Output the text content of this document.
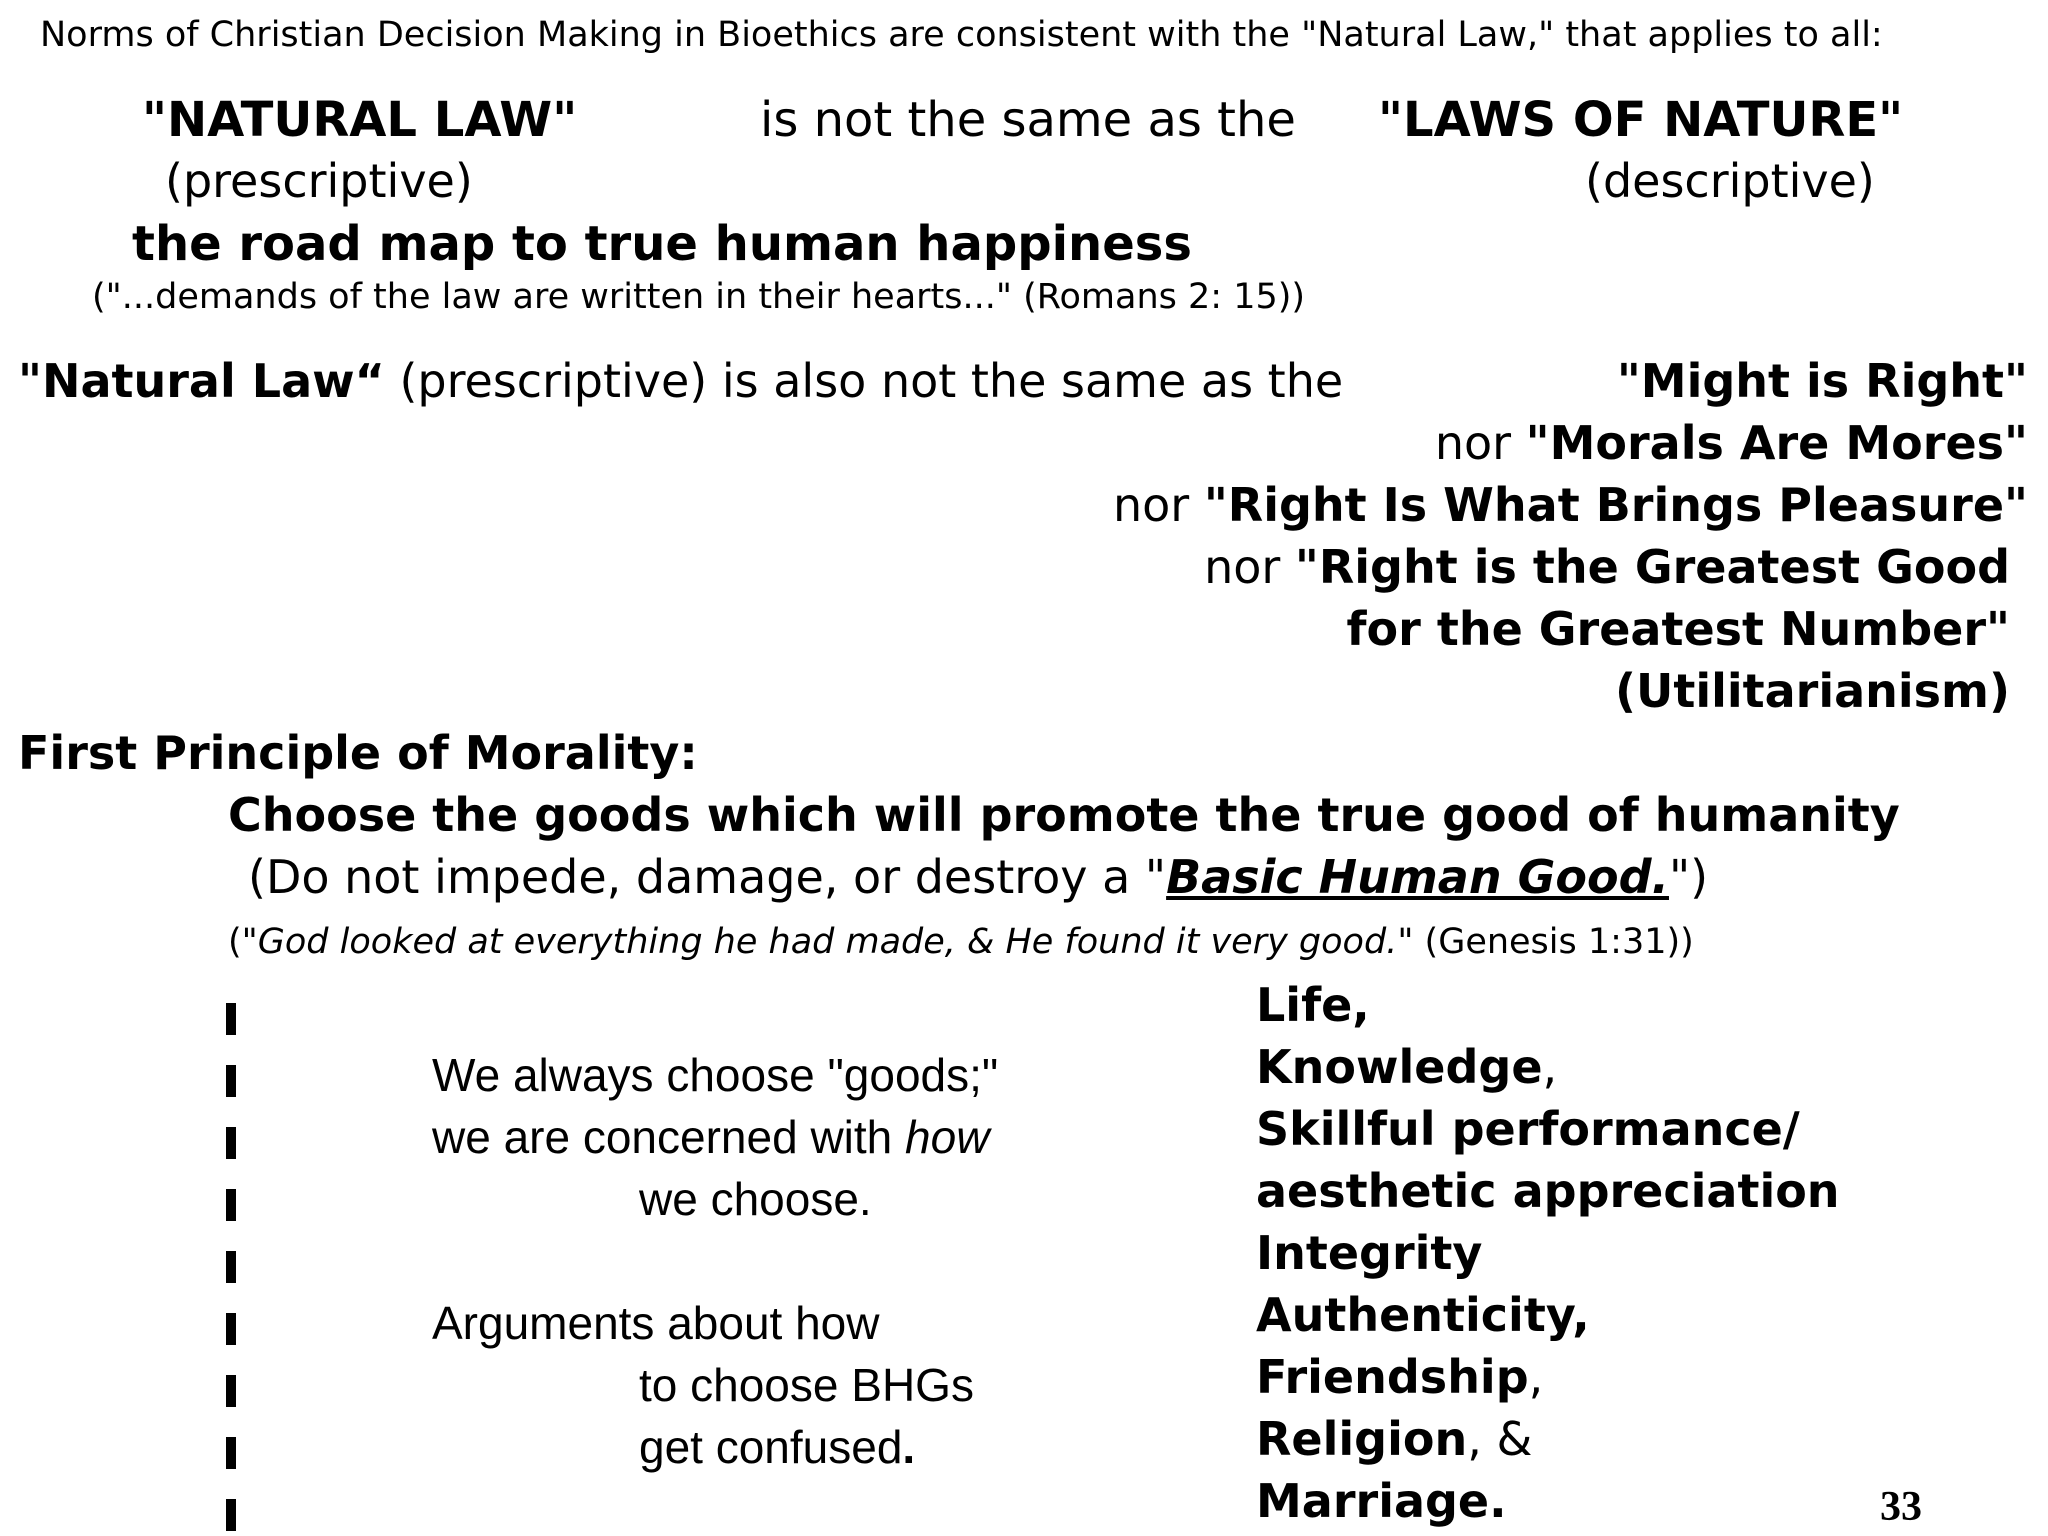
Norms of Christian Decision Making in Bioethics are consistent with the "Natural Law," that applies to all:
"NATURAL LAW"	is not the same as the "LAWS OF NATURE"
(prescriptive)	(descriptive)
the road map to true human happiness
("...demands of the law are written in their hearts..." (Romans 2: 15))
"Natural Law“ (prescriptive) is also not the same as the	"Might is Right"
nor "Morals Are Mores"
nor "Right Is What Brings Pleasure"
nor "Right is the Greatest Good
for the Greatest Number"
(Utilitarianism)
First Principle of Morality:
Choose the goods which will promote the true good of humanity
(Do not impede, damage, or destroy a "Basic Human Good.")
("God looked at everything he had made, & He found it very good." (Genesis 1:31))
We always choose "goods;"
we are concerned with how
we choose.
Arguments about how
to choose BHGs
get confused.
Life,
Knowledge,
Skillful performance/
aesthetic appreciation
Integrity
Authenticity,
Friendship,
Religion, &
Marriage.	33
